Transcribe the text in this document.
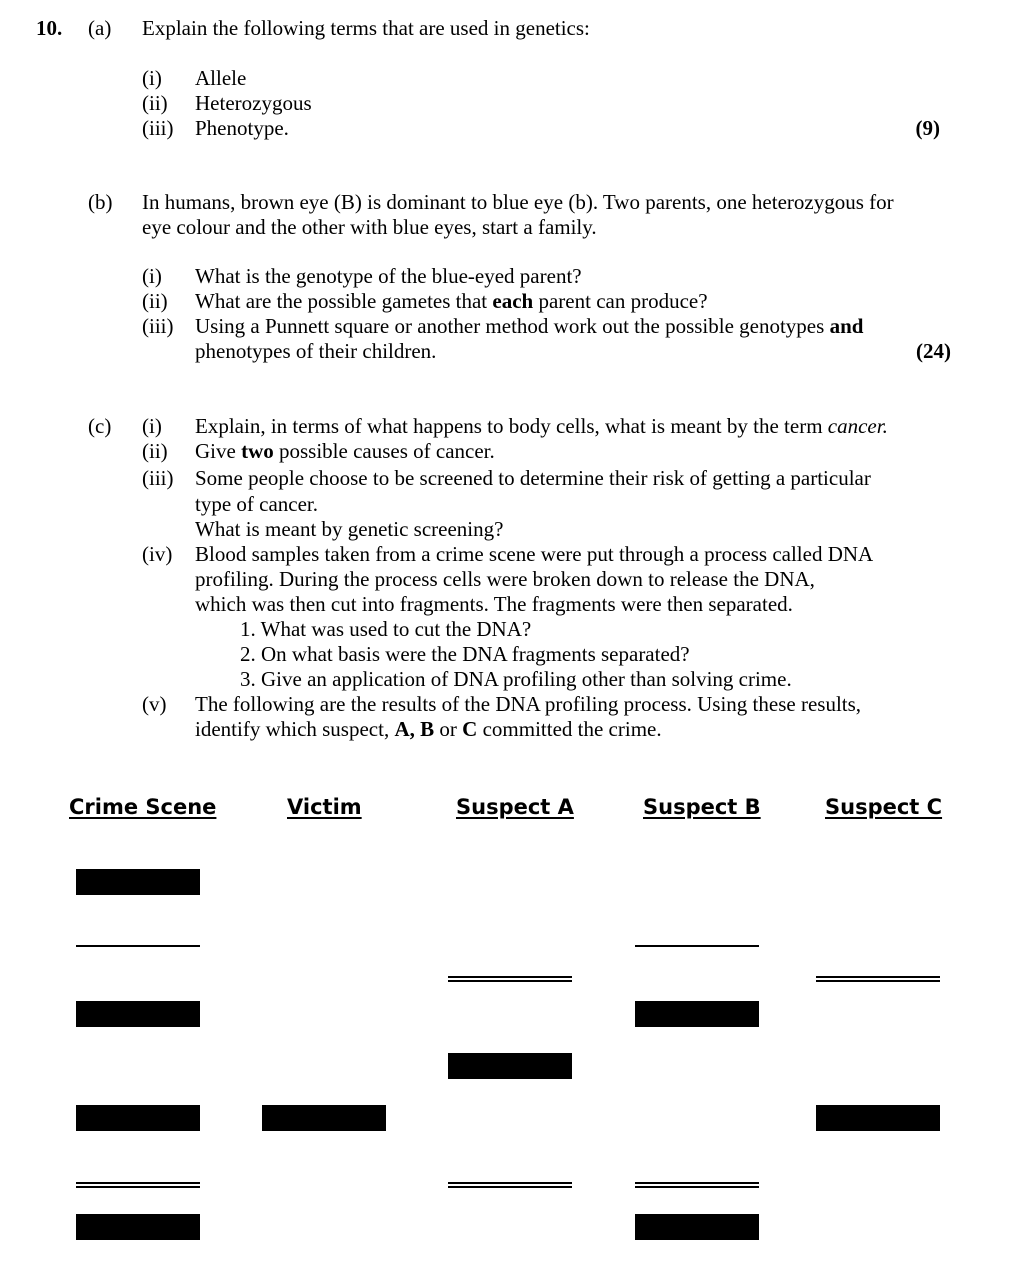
10. (a) Explain the following terms that are used in genetics:
(i) Allele
(ii) Heterozygous
(iii) Phenotype.	(9)
(b) In humans, brown eye (B) is dominant to blue eye (b). Two parents, one heterozygous for
eye colour and the other with blue eyes, start a family.
(i) What is the genotype of the blue-eyed parent?
(ii) What are the possible gametes that each parent can produce?
(iii) Using a Punnett square or another method work out the possible genotypes and
phenotypes of their children.	(24)
(c) (i) Explain, in terms of what happens to body cells, what is meant by the term cancer.
(ii) Give two possible causes of cancer.
(iii) Some people choose to be screened to determine their risk of getting a particular
type of cancer.
What is meant by genetic screening?
(iv) Blood samples taken from a crime scene were put through a process called DNA
profiling. During the process cells were broken down to release the DNA,
which was then cut into fragments. The fragments were then separated.
1. What was used to cut the DNA?
2. On what basis were the DNA fragments separated?
3. Give an application of DNA profiling other than solving crime.
(v) The following are the results of the DNA profiling process. Using these results,
identify which suspect, A, B or C committed the crime.
Crime Scene	Victim	Suspect A	Suspect B	Suspect C
